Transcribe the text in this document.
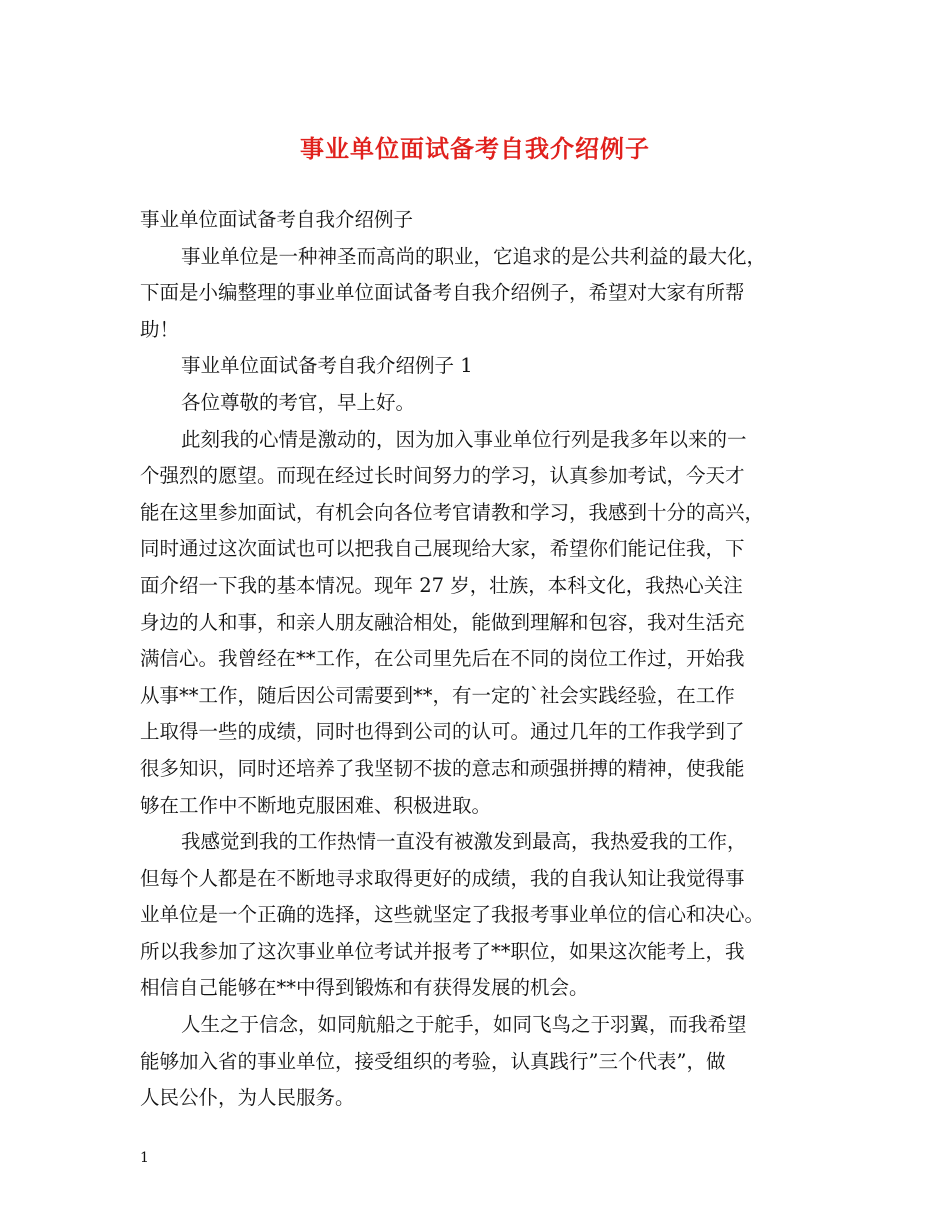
事业单位面试备考自我介绍例子
事业单位面试备考自我介绍例子
事业单位是一种神圣而高尚的职业，它追求的是公共利益的最大化，
下面是小编整理的事业单位面试备考自我介绍例子，希望对大家有所帮
助！
事业单位面试备考自我介绍例子 1
各位尊敬的考官，早上好。
此刻我的心情是激动的，因为加入事业单位行列是我多年以来的一
个强烈的愿望。而现在经过长时间努力的学习，认真参加考试，今天才
能在这里参加面试，有机会向各位考官请教和学习，我感到十分的高兴，
同时通过这次面试也可以把我自己展现给大家，希望你们能记住我，下
面介绍一下我的基本情况。现年 27 岁，壮族，本科文化，我热心关注
身边的人和事，和亲人朋友融洽相处，能做到理解和包容，我对生活充
满信心。我曾经在**工作，在公司里先后在不同的岗位工作过，开始我
从事**工作，随后因公司需要到**，有一定的`社会实践经验，在工作
上取得一些的成绩，同时也得到公司的认可。通过几年的工作我学到了
很多知识，同时还培养了我坚韧不拔的意志和顽强拼搏的精神，使我能
够在工作中不断地克服困难、积极进取。
我感觉到我的工作热情一直没有被激发到最高，我热爱我的工作，
但每个人都是在不断地寻求取得更好的成绩，我的自我认知让我觉得事
业单位是一个正确的选择，这些就坚定了我报考事业单位的信心和决心。
所以我参加了这次事业单位考试并报考了**职位，如果这次能考上，我
相信自己能够在**中得到锻炼和有获得发展的机会。
人生之于信念，如同航船之于舵手，如同飞鸟之于羽翼，而我希望
能够加入省的事业单位，接受组织的考验，认真践行”三个代表”，做
人民公仆，为人民服务。
1
